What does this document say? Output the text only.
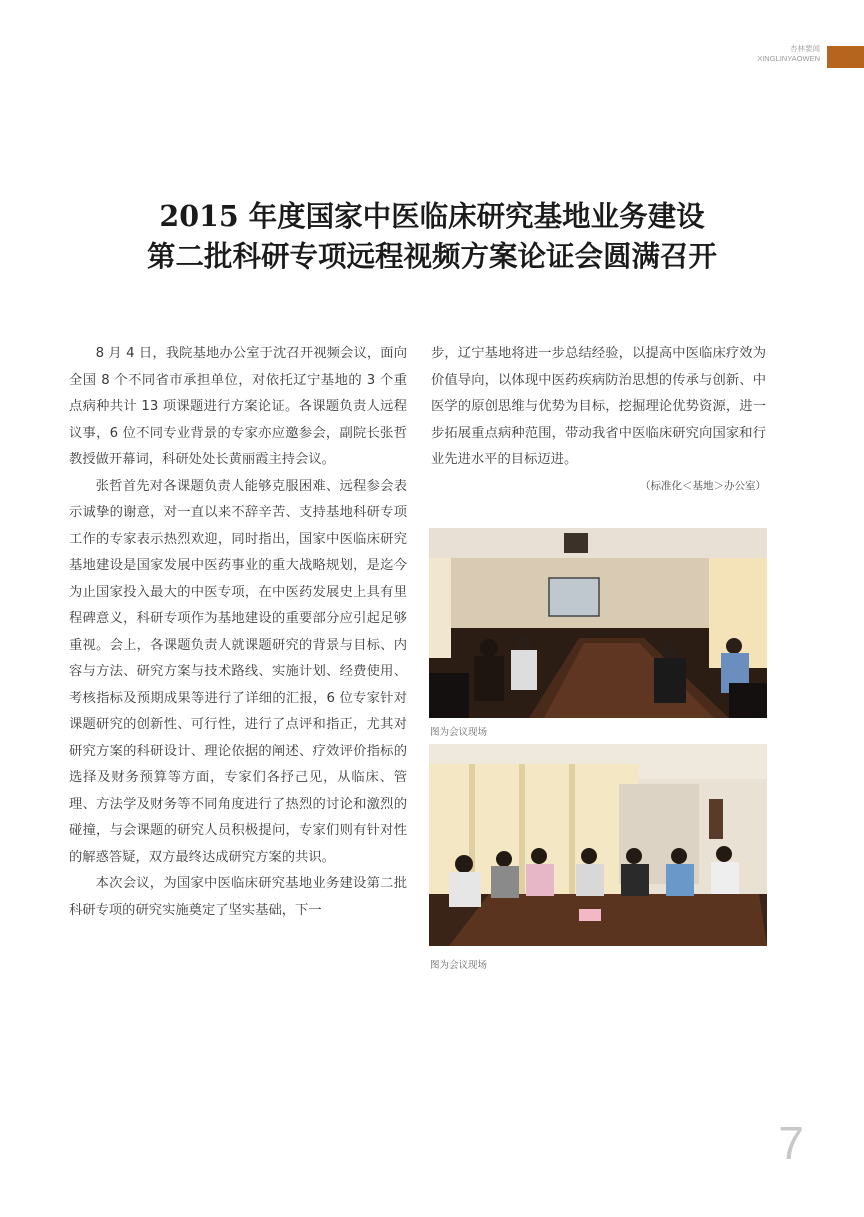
杏林要闻
XINGLINYAOWEN
2015 年度国家中医临床研究基地业务建设
第二批科研专项远程视频方案论证会圆满召开

8 月 4 日，我院基地办公室于沈召开视频会议，面向全国 8 个不同省市承担单位，对依托辽宁基地的 3 个重点病种共计 13 项课题进行方案论证。各课题负责人远程议事，6 位不同专业背景的专家亦应邀参会，副院长张哲教授做开幕词，科研处处长黄丽霞主持会议。

张哲首先对各课题负责人能够克服困难、远程参会表示诚挚的谢意，对一直以来不辞辛苦、支持基地科研专项工作的专家表示热烈欢迎，同时指出，国家中医临床研究基地建设是国家发展中医药事业的重大战略规划，是迄今为止国家投入最大的中医专项，在中医药发展史上具有里程碑意义，科研专项作为基地建设的重要部分应引起足够重视。会上，各课题负责人就课题研究的背景与目标、内容与方法、研究方案与技术路线、实施计划、经费使用、考核指标及预期成果等进行了详细的汇报，6 位专家针对课题研究的创新性、可行性，进行了点评和指正，尤其对研究方案的科研设计、理论依据的阐述、疗效评价指标的选择及财务预算等方面，专家们各抒己见，从临床、管理、方法学及财务等不同角度进行了热烈的讨论和激烈的碰撞，与会课题的研究人员积极提问，专家们则有针对性的解惑答疑，双方最终达成研究方案的共识。

本次会议，为国家中医临床研究基地业务建设第二批科研专项的研究实施奠定了坚实基础，下一

步，辽宁基地将进一步总结经验，以提高中医临床疗效为价值导向，以体现中医药疾病防治思想的传承与创新、中医学的原创思维与优势为目标，挖掘理论优势资源，进一步拓展重点病种范围，带动我省中医临床研究向国家和行业先进水平的目标迈进。

（标准化＜基地＞办公室）
图为会议现场
图为会议现场
7
